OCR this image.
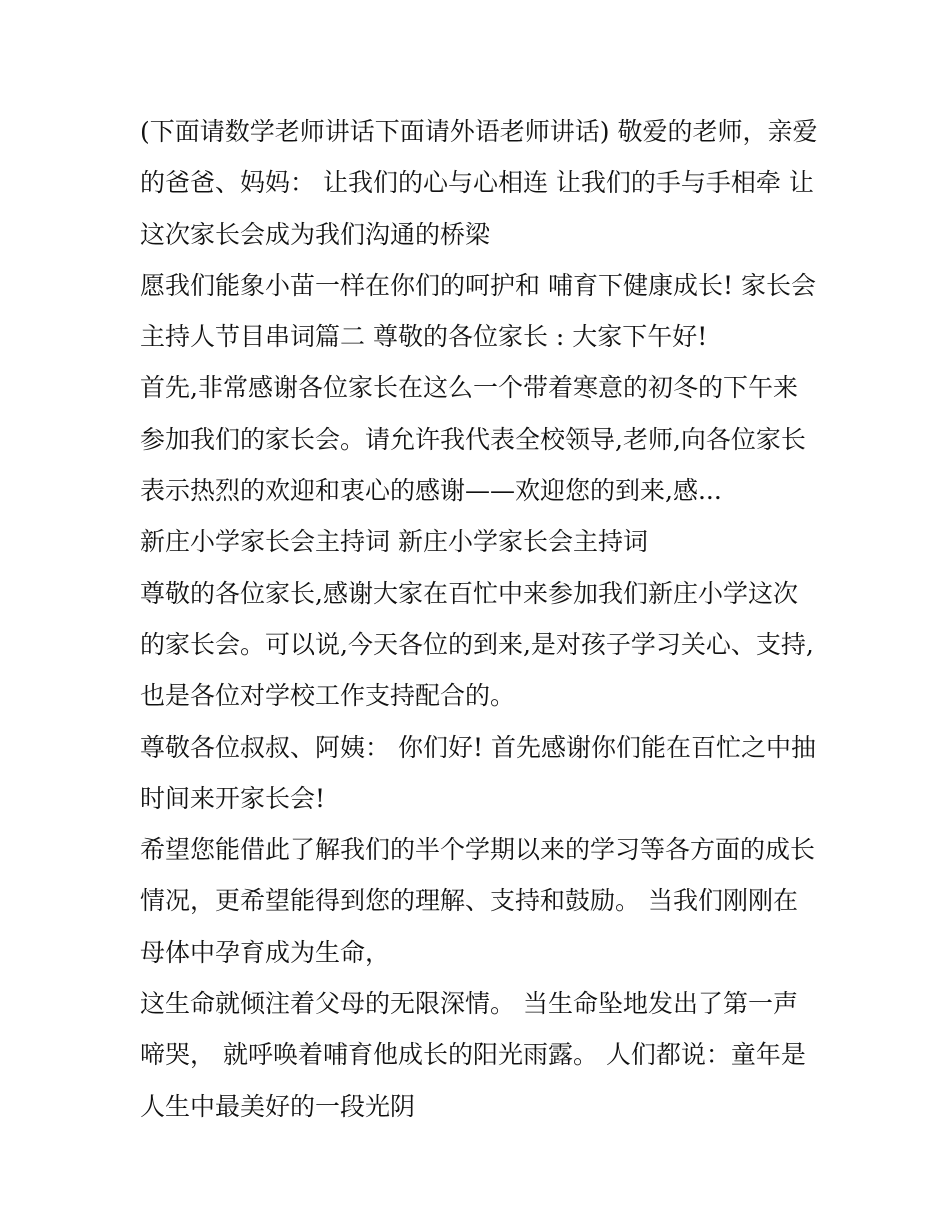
(下面请数学老师讲话下面请外语老师讲话) 敬爱的老师，亲爱
的爸爸、妈妈： 让我们的心与心相连 让我们的手与手相牵 让
这次家长会成为我们沟通的桥梁
愿我们能象小苗一样在你们的呵护和 哺育下健康成长! 家长会
主持人节目串词篇二 尊敬的各位家长 : 大家下午好!
首先,非常感谢各位家长在这么一个带着寒意的初冬的下午来
参加我们的家长会。请允许我代表全校领导,老师,向各位家长
表示热烈的欢迎和衷心的感谢——欢迎您的到来,感...
新庄小学家长会主持词 新庄小学家长会主持词
尊敬的各位家长,感谢大家在百忙中来参加我们新庄小学这次
的家长会。可以说,今天各位的到来,是对孩子学习关心、支持,
也是各位对学校工作支持配合的。
尊敬各位叔叔、阿姨： 你们好! 首先感谢你们能在百忙之中抽
时间来开家长会!
希望您能借此了解我们的半个学期以来的学习等各方面的成长
情况，更希望能得到您的理解、支持和鼓励。 当我们刚刚在
母体中孕育成为生命，
这生命就倾注着父母的无限深情。 当生命坠地发出了第一声
啼哭， 就呼唤着哺育他成长的阳光雨露。 人们都说：童年是
人生中最美好的一段光阴
